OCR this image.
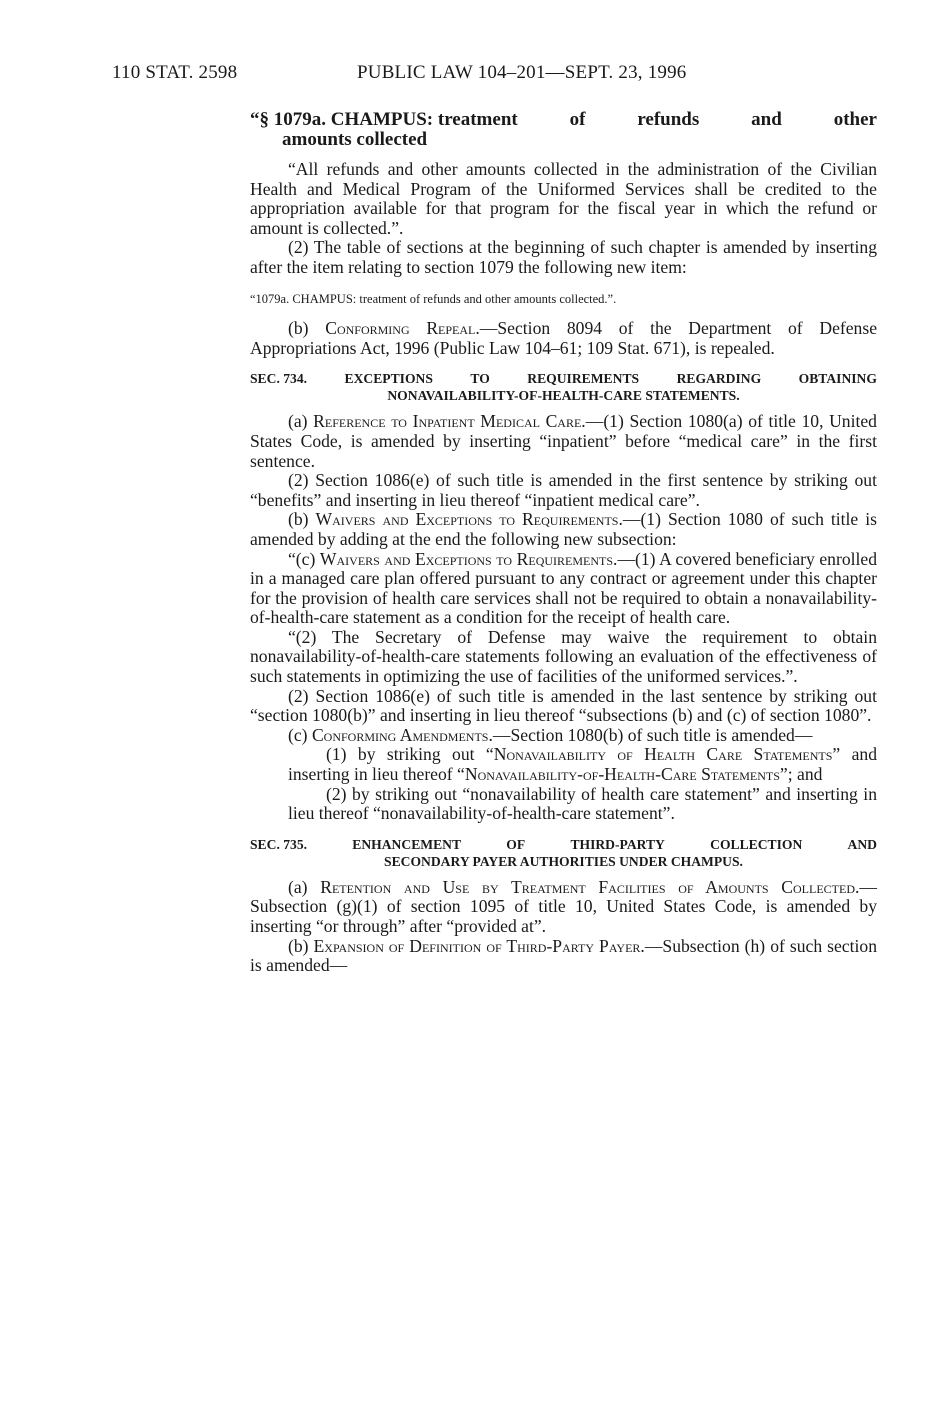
110 STAT. 2598	PUBLIC LAW 104–201—SEPT. 23, 1996
“§ 1079a. CHAMPUS: treatment	of	refunds	and	other
amounts collected

“All refunds and other amounts collected in the administration of the Civilian Health and Medical Program of the Uniformed Services shall be credited to the appropriation available for that program for the fiscal year in which the refund or amount is collected.”.

(2) The table of sections at the beginning of such chapter is amended by inserting after the item relating to section 1079 the following new item:

“1079a. CHAMPUS: treatment of refunds and other amounts collected.”.

(b) Conforming Repeal.—Section 8094 of the Department of Defense Appropriations Act, 1996 (Public Law 104–61; 109 Stat. 671), is repealed.

SEC. 734.	EXCEPTIONS	TO	REQUIREMENTS	REGARDING	OBTAINING
NONAVAILABILITY-OF-HEALTH-CARE STATEMENTS.

(a) Reference to Inpatient Medical Care.—(1) Section 1080(a) of title 10, United States Code, is amended by inserting “inpatient” before “medical care” in the first sentence.

(2) Section 1086(e) of such title is amended in the first sentence by striking out “benefits” and inserting in lieu thereof “inpatient medical care”.

(b) Waivers and Exceptions to Requirements.—(1) Section 1080 of such title is amended by adding at the end the following new subsection:

“(c) Waivers and Exceptions to Requirements.—(1) A covered beneficiary enrolled in a managed care plan offered pursuant to any contract or agreement under this chapter for the provision of health care services shall not be required to obtain a nonavailability-of-health-care statement as a condition for the receipt of health care.

“(2) The Secretary of Defense may waive the requirement to obtain nonavailability-of-health-care statements following an evaluation of the effectiveness of such statements in optimizing the use of facilities of the uniformed services.”.

(2) Section 1086(e) of such title is amended in the last sentence by striking out “section 1080(b)” and inserting in lieu thereof “subsections (b) and (c) of section 1080”.

(c) Conforming Amendments.—Section 1080(b) of such title is amended—

(1) by striking out “Nonavailability of Health Care Statements” and inserting in lieu thereof “Nonavailability-of-Health-Care Statements”; and

(2) by striking out “nonavailability of health care statement” and inserting in lieu thereof “nonavailability-of-health-care statement”.

SEC. 735.	ENHANCEMENT	OF	THIRD-PARTY	COLLECTION	AND
SECONDARY PAYER AUTHORITIES UNDER CHAMPUS.

(a) Retention and Use by Treatment Facilities of Amounts Collected.—Subsection (g)(1) of section 1095 of title 10, United States Code, is amended by inserting “or through” after “provided at”.

(b) Expansion of Definition of Third-Party Payer.—Subsection (h) of such section is amended—
